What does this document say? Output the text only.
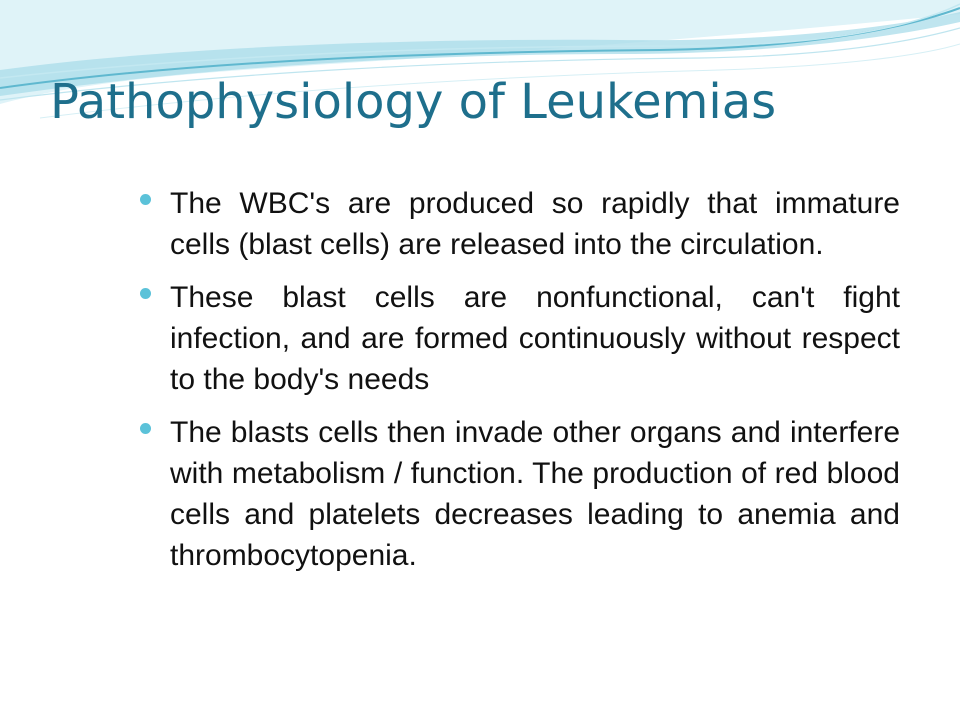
Pathophysiology of Leukemias
The WBC's are produced so rapidly that immature cells (blast cells) are released into the circulation.
These blast cells are nonfunctional, can't fight infection, and are formed continuously without respect to the body's needs
The blasts cells then invade other organs and interfere with metabolism / function. The production of red blood cells and platelets decreases leading to anemia and thrombocytopenia.
